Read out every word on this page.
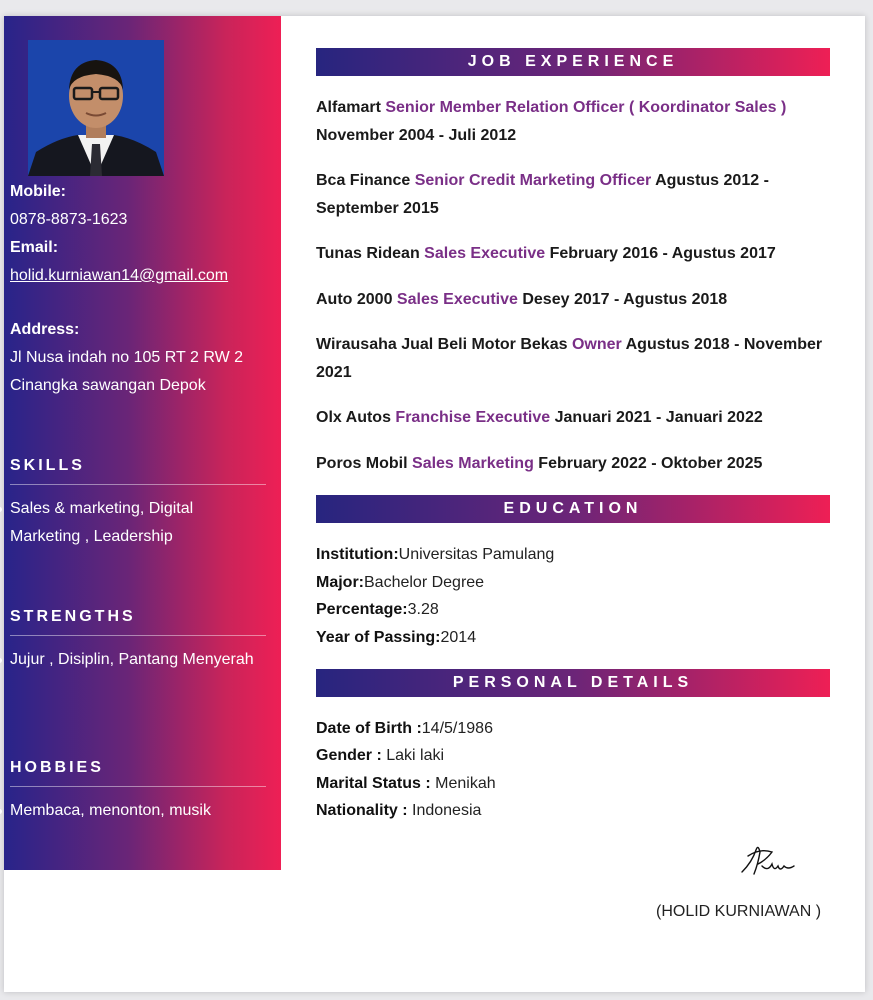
Mobile:
0878-8873-1623
Email:
holid.kurniawan14@gmail.com
Address:
Jl Nusa indah no 105 RT 2 RW 2
Cinangka sawangan Depok
SKILLS
Sales & marketing, Digital Marketing , Leadership
STRENGTHS
Jujur , Disiplin, Pantang Menyerah
HOBBIES
Membaca, menonton, musik
JOB EXPERIENCE
Alfamart Senior Member Relation Officer ( Koordinator Sales ) November 2004 - Juli 2012
Bca Finance Senior Credit Marketing Officer Agustus 2012 - September 2015
Tunas Ridean Sales Executive February 2016 - Agustus 2017
Auto 2000 Sales Executive Desey 2017 - Agustus 2018
Wirausaha Jual Beli Motor Bekas Owner Agustus 2018 - November 2021
Olx Autos Franchise Executive Januari 2021 - Januari 2022
Poros Mobil Sales Marketing February 2022 - Oktober 2025
EDUCATION
Institution:Universitas Pamulang
Major:Bachelor Degree
Percentage:3.28
Year of Passing:2014
PERSONAL DETAILS
Date of Birth :14/5/1986
Gender : Laki laki
Marital Status : Menikah
Nationality : Indonesia
(HOLID KURNIAWAN )
